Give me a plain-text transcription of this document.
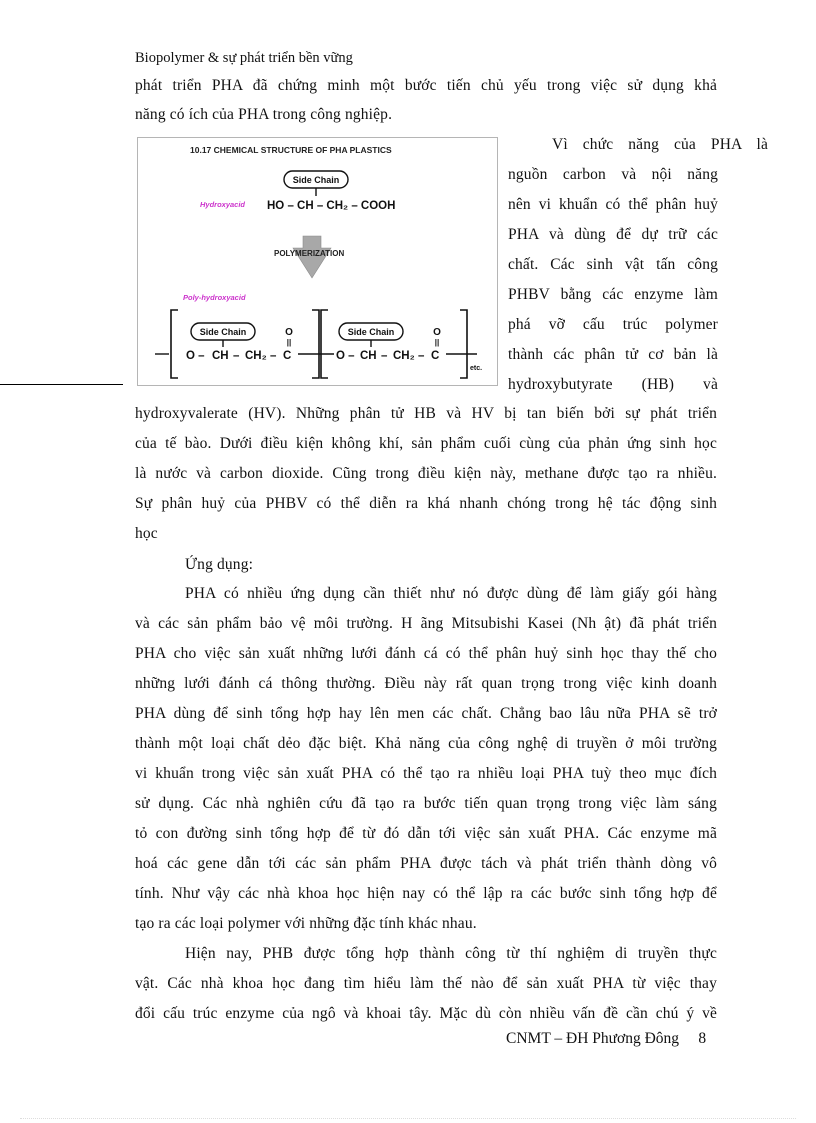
Biopolymer & sự phát triển bền vững
phát triển PHA đã chứng minh một bước tiến chủ yếu trong việc sử dụng khả
năng có ích của PHA trong công nghiệp.
10.17 CHEMICAL STRUCTURE OF PHA PLASTICS
Side Chain
Hydroxyacid HO – CH – CH₂ – COOH
POLYMERIZATION
Poly-hydroxyacid
Side Chain	O
||
O – CH – CH₂ – C
Side Chain	O
||
O – CH – CH₂ – C
etc.
Vì chức năng của PHA là
nguồn carbon và nội năng
nên vi khuẩn có thể phân huỷ
PHA và dùng để dự trữ các
chất. Các sinh vật tấn công
PHBV bằng các enzyme làm
phá vỡ cấu trúc polymer
thành các phân tử cơ bản là
hydroxybutyrate (HB) và
hydroxyvalerate (HV). Những phân tử HB và HV bị tan biến bởi sự phát triển
của tế bào. Dưới điều kiện không khí, sản phẩm cuối cùng của phản ứng sinh học
là nước và carbon dioxide. Cũng trong điều kiện này, methane được tạo ra nhiều.
Sự phân huỷ của PHBV có thể diễn ra khá nhanh chóng trong hệ tác động sinh
học
Ứng dụng:
PHA có nhiều ứng dụng cần thiết như nó được dùng để làm giấy gói hàng
và các sản phẩm bảo vệ môi trường. H ãng Mitsubishi Kasei (Nh ật) đã phát triển
PHA cho việc sản xuất những lưới đánh cá có thể phân huỷ sinh học thay thế cho
những lưới đánh cá thông thường. Điều này rất quan trọng trong việc kinh doanh
PHA dùng để sinh tổng hợp hay lên men các chất. Chẳng bao lâu nữa PHA sẽ trở
thành một loại chất dẻo đặc biệt. Khả năng của công nghệ di truyền ở môi trường
vi khuẩn trong việc sản xuất PHA có thể tạo ra nhiều loại PHA tuỳ theo mục đích
sử dụng. Các nhà nghiên cứu đã tạo ra bước tiến quan trọng trong việc làm sáng
tỏ con đường sinh tổng hợp để từ đó dẫn tới việc sản xuất PHA. Các enzyme mã
hoá các gene dẫn tới các sản phẩm PHA được tách và phát triển thành dòng vô
tính. Như vậy các nhà khoa học hiện nay có thể lập ra các bước sinh tổng hợp để
tạo ra các loại polymer với những đặc tính khác nhau.
Hiện nay, PHB được tổng hợp thành công từ thí nghiệm di truyền thực
vật. Các nhà khoa học đang tìm hiểu làm thế nào để sản xuất PHA từ việc thay
đổi cấu trúc enzyme của ngô và khoai tây. Mặc dù còn nhiều vấn đề cần chú ý về
CNMT – ĐH Phương Đông     8
